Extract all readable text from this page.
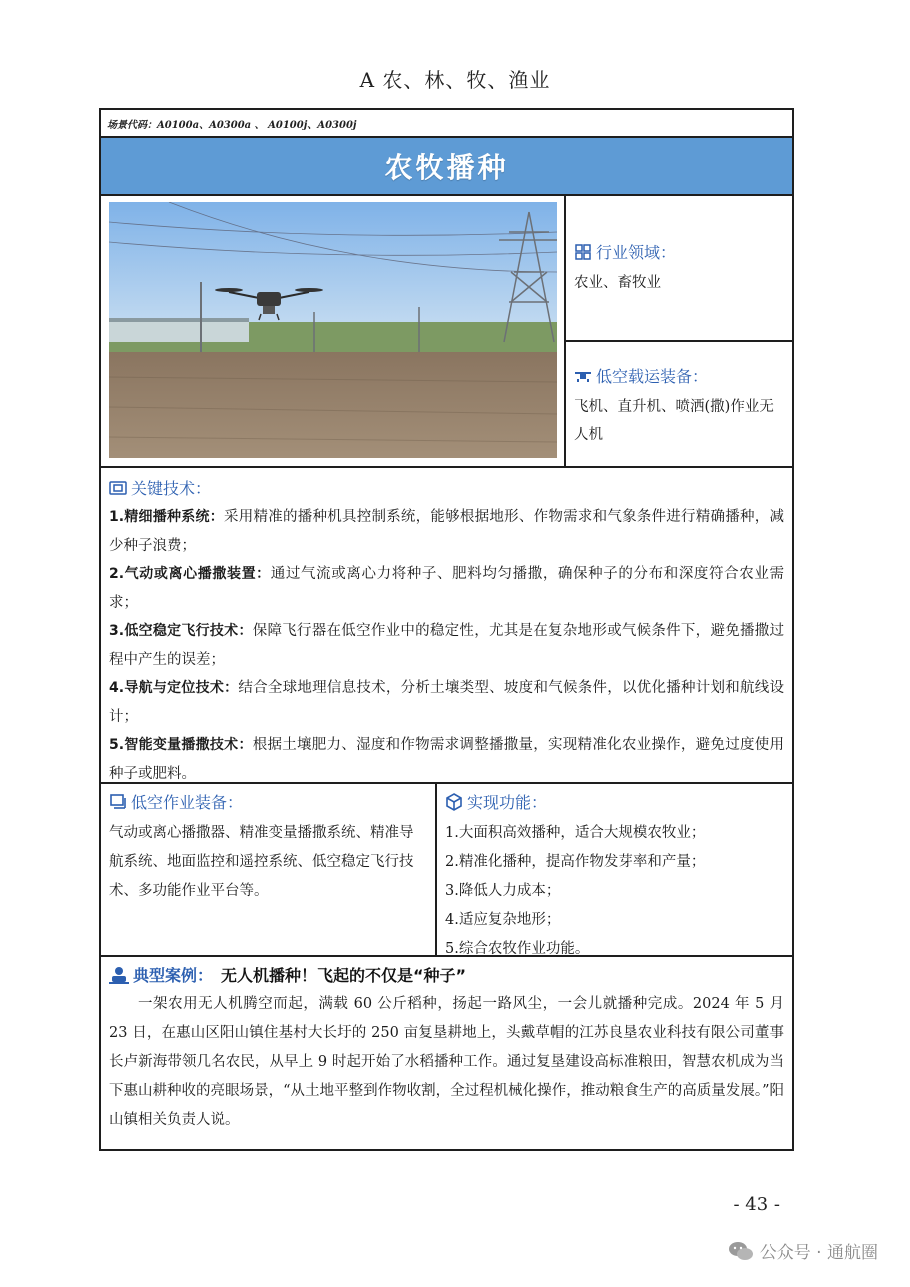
A 农、林、牧、渔业
场景代码：A0100a、A0300a 、 A0100j、A0300j
农牧播种
行业领域：
农业、畜牧业
低空载运装备：
飞机、直升机、喷洒(撒)作业无人机
关键技术：
1.精细播种系统：采用精准的播种机具控制系统，能够根据地形、作物需求和气象条件进行精确播种，减少种子浪费；
2.气动或离心播撒装置：通过气流或离心力将种子、肥料均匀播撒，确保种子的分布和深度符合农业需求；
3.低空稳定飞行技术：保障飞行器在低空作业中的稳定性，尤其是在复杂地形或气候条件下，避免播撒过程中产生的误差；
4.导航与定位技术：结合全球地理信息技术，分析土壤类型、坡度和气候条件，以优化播种计划和航线设计；
5.智能变量播撒技术：根据土壤肥力、湿度和作物需求调整播撒量，实现精准化农业操作，避免过度使用种子或肥料。
低空作业装备：
气动或离心播撒器、精准变量播撒系统、精准导航系统、地面监控和遥控系统、低空稳定飞行技术、多功能作业平台等。
实现功能：
1.大面积高效播种，适合大规模农牧业；
2.精准化播种，提高作物发芽率和产量；
3.降低人力成本；
4.适应复杂地形；
5.综合农牧作业功能。
典型案例： 无人机播种！飞起的不仅是“种子”
一架农用无人机腾空而起，满载 60 公斤稻种，扬起一路风尘，一会儿就播种完成。2024 年 5 月 23 日，在惠山区阳山镇住基村大长圩的 250 亩复垦耕地上，头戴草帽的江苏良垦农业科技有限公司董事长卢新海带领几名农民，从早上 9 时起开始了水稻播种工作。通过复垦建设高标准粮田，智慧农机成为当下惠山耕种收的亮眼场景，“从土地平整到作物收割，全过程机械化操作，推动粮食生产的高质量发展。”阳山镇相关负责人说。
- 43 -
公众号 · 通航圈
